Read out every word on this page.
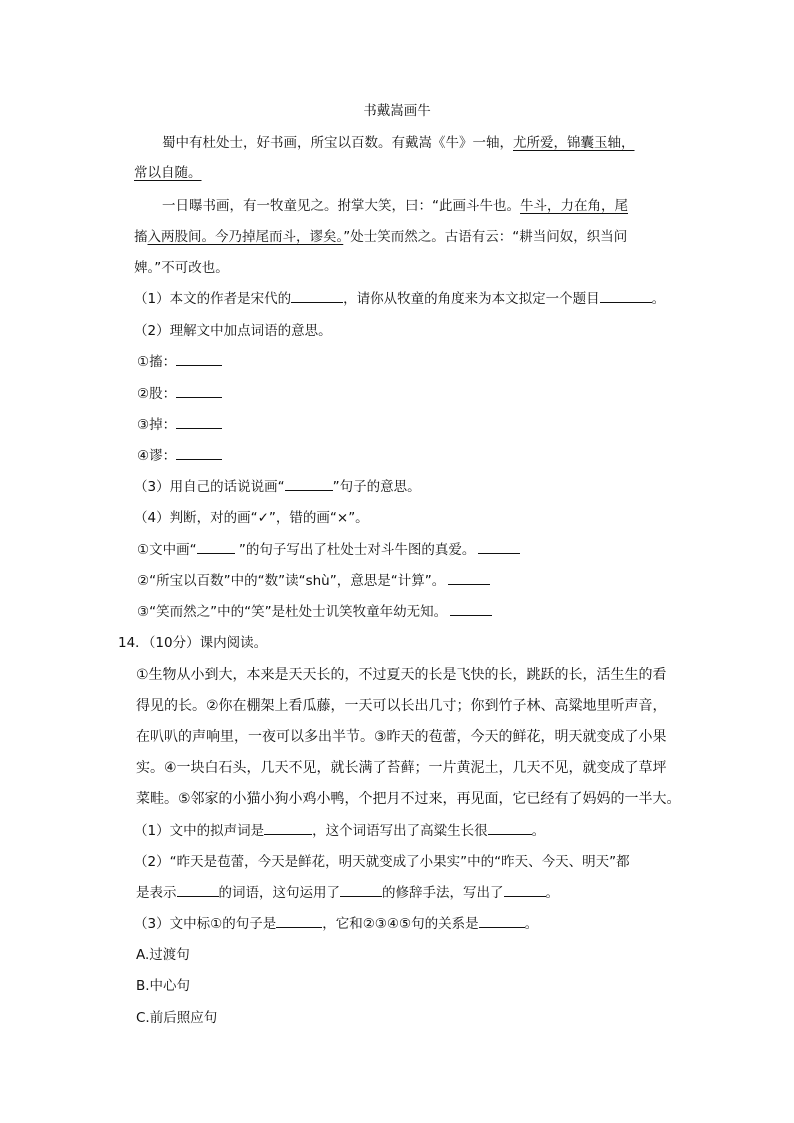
书戴嵩画牛
蜀中有杜处士，好书画，所宝以百数。有戴嵩《牛》一轴，尤所爱，锦囊玉轴，
常以自随。
一日曝书画，有一牧童见之。拊掌大笑，曰：“此画斗牛也。牛斗，力在角，尾
搐入两股间。今乃掉尾而斗，谬矣。”处士笑而然之。古语有云：“耕当问奴，织当问
婢。”不可改也。
（1）本文的作者是宋代的	，请你从牧童的角度来为本文拟定一个题目	。
（2）理解文中加点词语的意思。
①搐：
②股：
③掉：
④谬：
（3）用自己的话说说画“	”句子的意思。
（4）判断，对的画“✓”，错的画“×”。
①文中画“	”的句子写出了杜处士对斗牛图的真爱。
②“所宝以百数”中的“数”读“shù”，意思是“计算”。
③“笑而然之”中的“笑”是杜处士讥笑牧童年幼无知。
14．（10分）课内阅读。
①生物从小到大，本来是天天长的，不过夏天的长是飞快的长，跳跃的长，活生生的看
得见的长。②你在棚架上看瓜藤，一天可以长出几寸；你到竹子林、高粱地里听声音，
在叭叭的声响里，一夜可以多出半节。③昨天的苞蕾，今天的鲜花，明天就变成了小果
实。④一块白石头，几天不见，就长满了苔藓；一片黄泥土，几天不见，就变成了草坪
菜畦。⑤邻家的小猫小狗小鸡小鸭，个把月不过来，再见面，它已经有了妈妈的一半大。
（1）文中的拟声词是	，这个词语写出了高粱生长很	。
（2）“昨天是苞蕾，今天是鲜花，明天就变成了小果实”中的“昨天、今天、明天”都
是表示	的词语，这句运用了	的修辞手法，写出了	。
（3）文中标①的句子是	，它和②③④⑤句的关系是	。
A.过渡句
B.中心句
C.前后照应句
